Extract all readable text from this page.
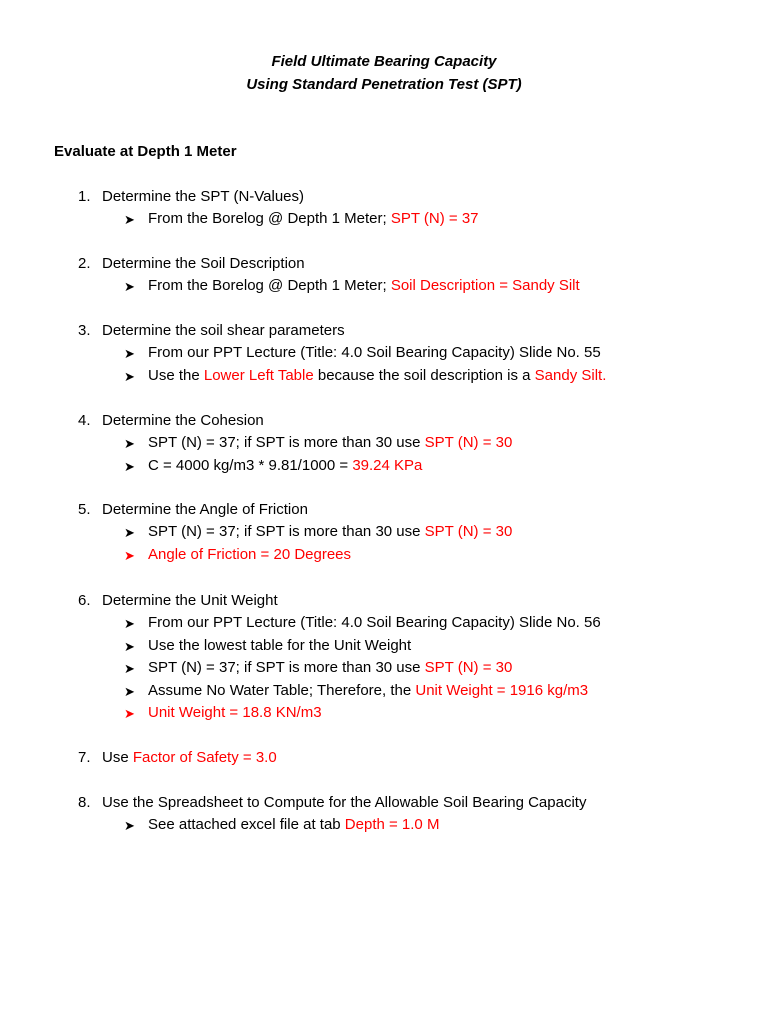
Field Ultimate Bearing Capacity
Using Standard Penetration Test (SPT)
Evaluate at Depth 1 Meter
1. Determine the SPT (N-Values)
➤ From the Borelog @ Depth 1 Meter; SPT (N) = 37
2. Determine the Soil Description
➤ From the Borelog @ Depth 1 Meter; Soil Description = Sandy Silt
3. Determine the soil shear parameters
➤ From our PPT Lecture (Title: 4.0 Soil Bearing Capacity) Slide No. 55
➤ Use the Lower Left Table because the soil description is a Sandy Silt.
4. Determine the Cohesion
➤ SPT (N) = 37; if SPT is more than 30 use SPT (N) = 30
➤ C = 4000 kg/m3 * 9.81/1000 = 39.24 KPa
5. Determine the Angle of Friction
➤ SPT (N) = 37; if SPT is more than 30 use SPT (N) = 30
➤ Angle of Friction = 20 Degrees
6. Determine the Unit Weight
➤ From our PPT Lecture (Title: 4.0 Soil Bearing Capacity) Slide No. 56
➤ Use the lowest table for the Unit Weight
➤ SPT (N) = 37; if SPT is more than 30 use SPT (N) = 30
➤ Assume No Water Table; Therefore, the Unit Weight = 1916 kg/m3
➤ Unit Weight = 18.8 KN/m3
7. Use Factor of Safety = 3.0
8. Use the Spreadsheet to Compute for the Allowable Soil Bearing Capacity
➤ See attached excel file at tab Depth = 1.0 M
